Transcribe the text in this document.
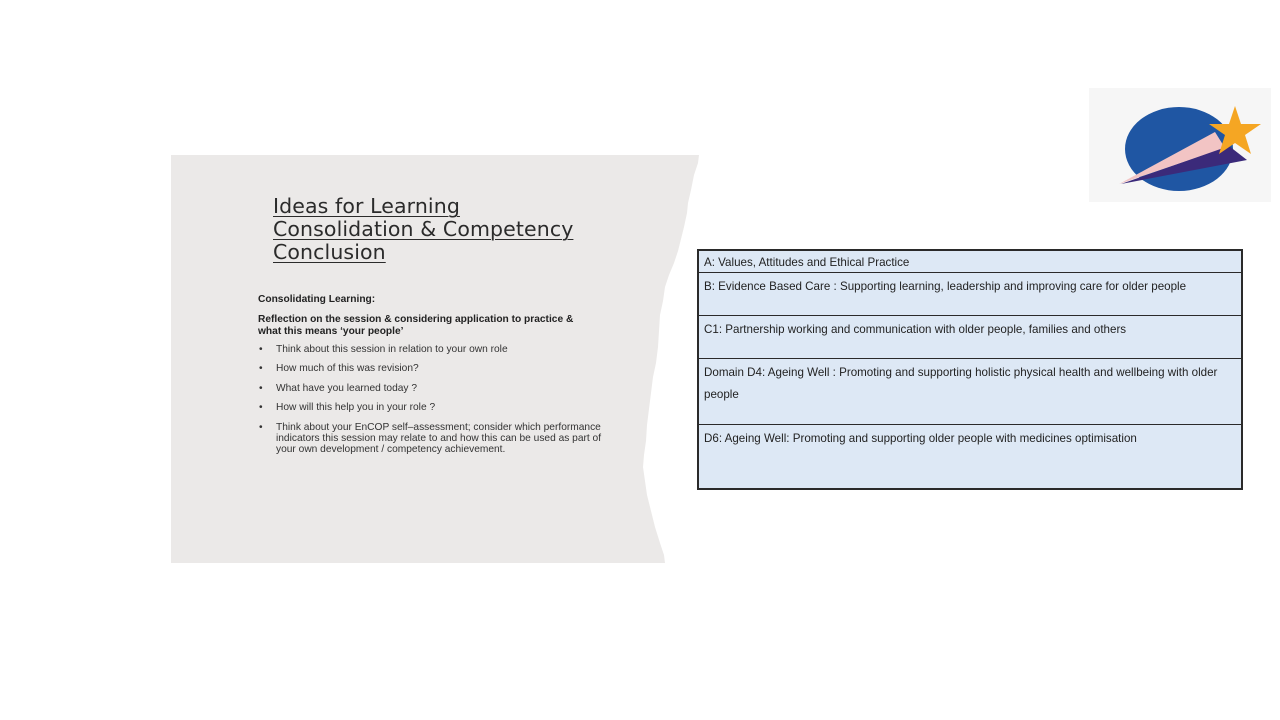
Ideas for Learning
Consolidation & Competency
Conclusion
Consolidating Learning:
Reflection on the session & considering application to practice & what this means ‘your people’
• Think about this session in relation to your own role
• How much of this was revision?
• What have you learned today ?
• How will this help you in your role ?
• Think about your EnCOP self–assessment; consider which performance indicators this session may relate to and how this can be used as part of your own development / competency achievement.
A: Values, Attitudes and Ethical Practice
B: Evidence Based Care : Supporting learning, leadership and improving care for older people
C1: Partnership working and communication with older people, families and others
Domain D4: Ageing Well : Promoting and supporting holistic physical health and wellbeing with older people
D6: Ageing Well: Promoting and supporting older people with medicines optimisation
